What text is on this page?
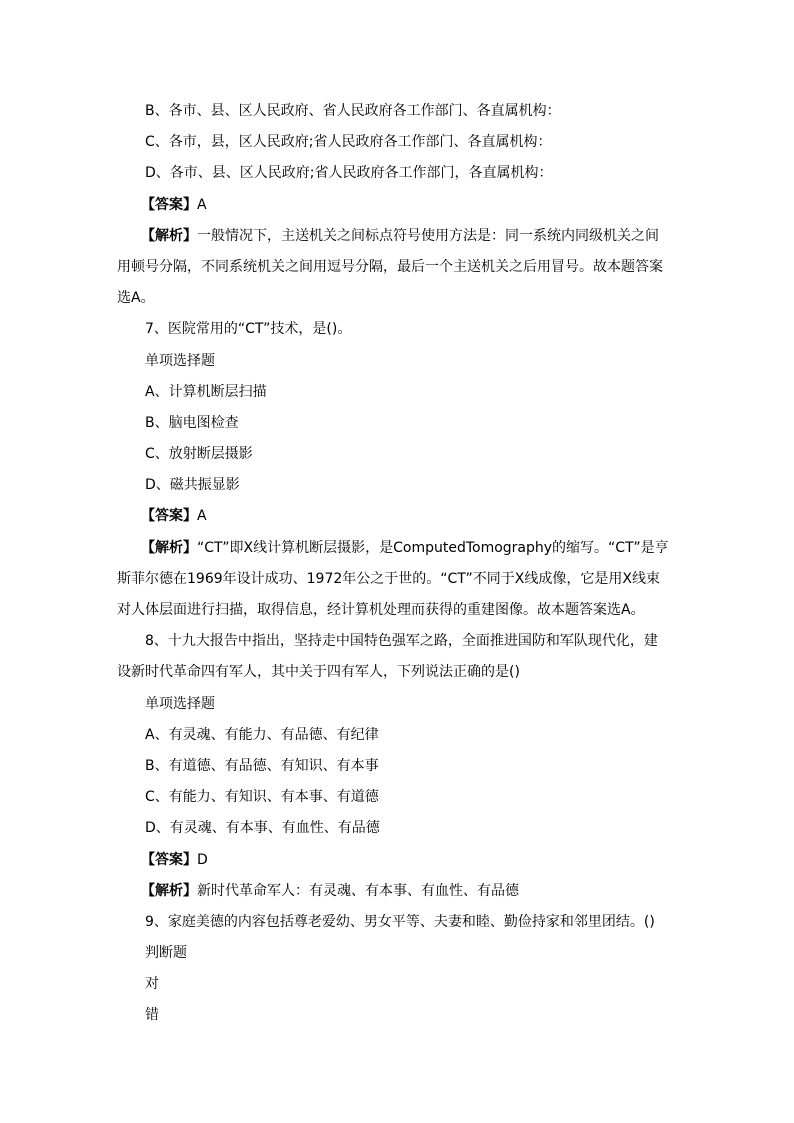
B、各市、县、区人民政府、省人民政府各工作部门、各直属机构：
C、各市，县，区人民政府;省人民政府各工作部门、各直属机构：
D、各市、县、区人民政府;省人民政府各工作部门，各直属机构：
【答案】A
【解析】一般情况下，主送机关之间标点符号使用方法是：同一系统内同级机关之间
用顿号分隔，不同系统机关之间用逗号分隔，最后一个主送机关之后用冒号。故本题答案
选A。
7、医院常用的“CT”技术，是()。
单项选择题
A、计算机断层扫描
B、脑电图检查
C、放射断层摄影
D、磁共振显影
【答案】A
【解析】“CT”即X线计算机断层摄影，是ComputedTomography的缩写。“CT”是亨
斯菲尔德在1969年设计成功、1972年公之于世的。“CT”不同于X线成像，它是用X线束
对人体层面进行扫描，取得信息，经计算机处理而获得的重建图像。故本题答案选A。
8、十九大报告中指出，坚持走中国特色强军之路，全面推进国防和军队现代化，建
设新时代革命四有军人，其中关于四有军人，下列说法正确的是()
单项选择题
A、有灵魂、有能力、有品德、有纪律
B、有道德、有品德、有知识、有本事
C、有能力、有知识、有本事、有道德
D、有灵魂、有本事、有血性、有品德
【答案】D
【解析】新时代革命军人：有灵魂、有本事、有血性、有品德
9、家庭美德的内容包括尊老爱幼、男女平等、夫妻和睦、勤俭持家和邻里团结。()
判断题
对
错
